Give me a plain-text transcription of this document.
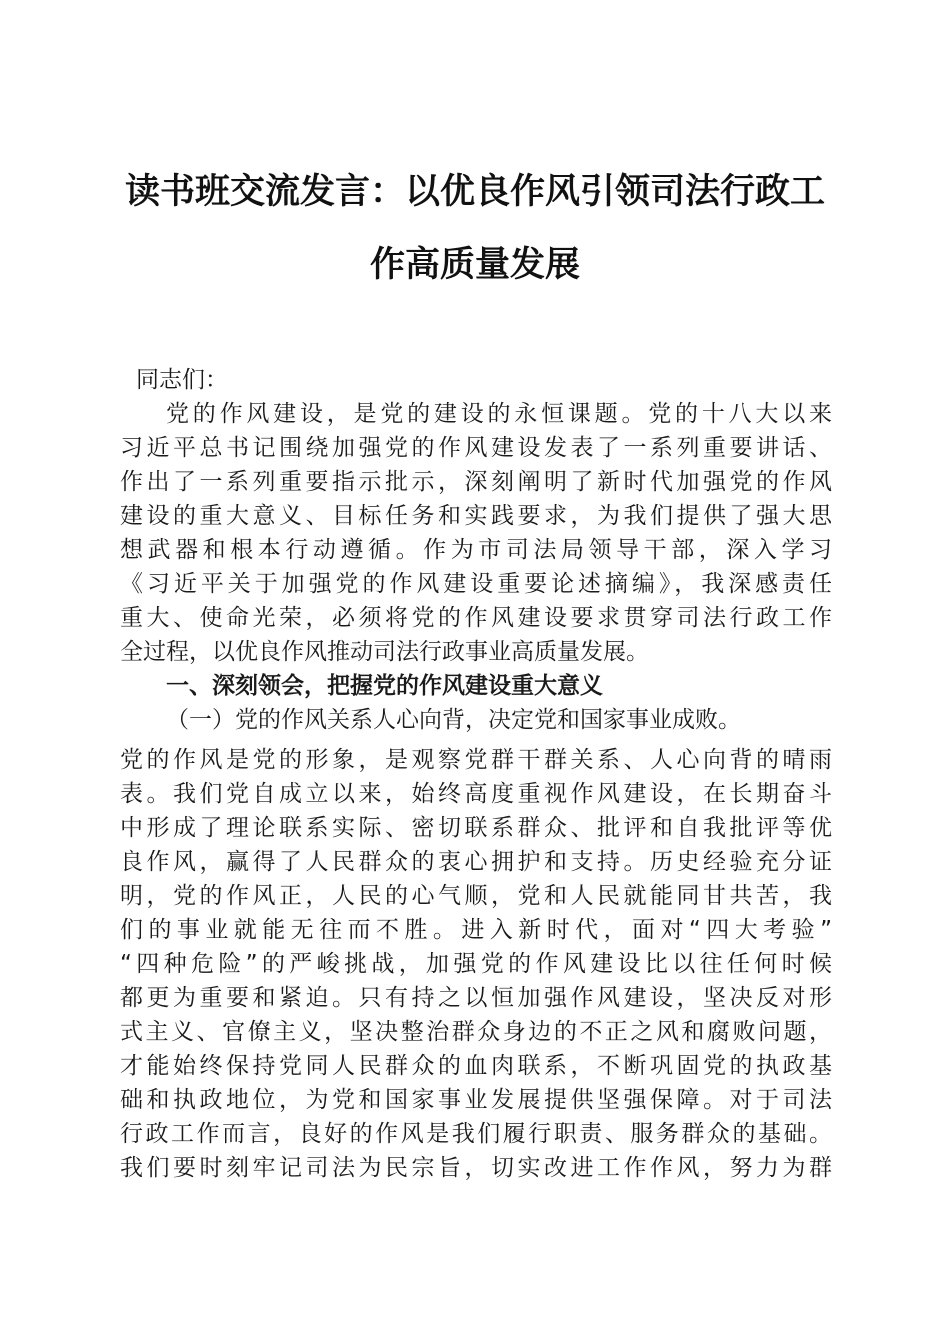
读书班交流发言：以优良作风引领司法行政工
作高质量发展
同志们：
党的作风建设，是党的建设的永恒课题。党的十八大以来
习近平总书记围绕加强党的作风建设发表了一系列重要讲话、
作出了一系列重要指示批示，深刻阐明了新时代加强党的作风
建设的重大意义、目标任务和实践要求，为我们提供了强大思
想武器和根本行动遵循。作为市司法局领导干部，深入学习
《习近平关于加强党的作风建设重要论述摘编》，我深感责任
重大、使命光荣，必须将党的作风建设要求贯穿司法行政工作
全过程，以优良作风推动司法行政事业高质量发展。
一、深刻领会，把握党的作风建设重大意义
（一）党的作风关系人心向背，决定党和国家事业成败。
党的作风是党的形象，是观察党群干群关系、人心向背的晴雨
表。我们党自成立以来，始终高度重视作风建设，在长期奋斗
中形成了理论联系实际、密切联系群众、批评和自我批评等优
良作风，赢得了人民群众的衷心拥护和支持。历史经验充分证
明，党的作风正，人民的心气顺，党和人民就能同甘共苦，我
们的事业就能无往而不胜。进入新时代，面对“四大考验”
“四种危险”的严峻挑战，加强党的作风建设比以往任何时候
都更为重要和紧迫。只有持之以恒加强作风建设，坚决反对形
式主义、官僚主义，坚决整治群众身边的不正之风和腐败问题，
才能始终保持党同人民群众的血肉联系，不断巩固党的执政基
础和执政地位，为党和国家事业发展提供坚强保障。对于司法
行政工作而言，良好的作风是我们履行职责、服务群众的基础。
我们要时刻牢记司法为民宗旨，切实改进工作作风，努力为群
